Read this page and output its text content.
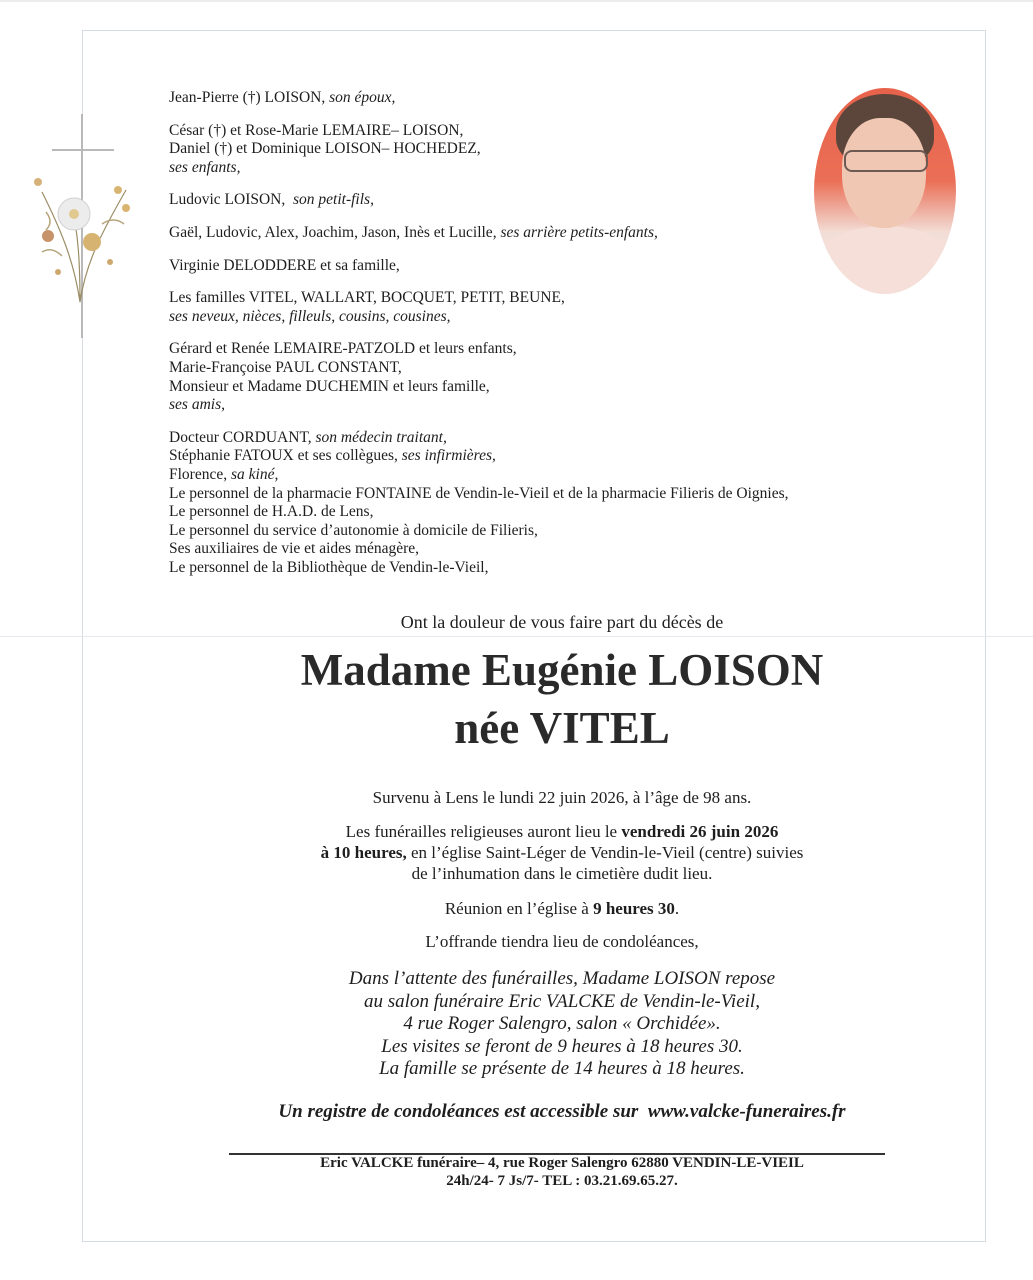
Jean-Pierre (†) LOISON, son époux,
César (†) et Rose-Marie LEMAIRE– LOISON,
Daniel (†) et Dominique LOISON– HOCHEDEZ,
ses enfants,
Ludovic LOISON, son petit-fils,
Gaël, Ludovic, Alex, Joachim, Jason, Inès et Lucille, ses arrière petits-enfants,
Virginie DELODDERE et sa famille,
Les familles VITEL, WALLART, BOCQUET, PETIT, BEUNE,
ses neveux, nièces, filleuls, cousins, cousines,
Gérard et Renée LEMAIRE-PATZOLD et leurs enfants,
Marie-Françoise PAUL CONSTANT,
Monsieur et Madame DUCHEMIN et leurs famille,
ses amis,
Docteur CORDUANT, son médecin traitant,
Stéphanie FATOUX et ses collègues, ses infirmières,
Florence, sa kiné,
Le personnel de la pharmacie FONTAINE de Vendin-le-Vieil et de la pharmacie Filieris de Oignies,
Le personnel de H.A.D. de Lens,
Le personnel du service d’autonomie à domicile de Filieris,
Ses auxiliaires de vie et aides ménagère,
Le personnel de la Bibliothèque de Vendin-le-Vieil,
Ont la douleur de vous faire part du décès de
Madame Eugénie LOISON
née VITEL
Survenu à Lens le lundi 22 juin 2026, à l’âge de 98 ans.
Les funérailles religieuses auront lieu le vendredi 26 juin 2026
à 10 heures, en l’église Saint-Léger de Vendin-le-Vieil (centre) suivies
de l’inhumation dans le cimetière dudit lieu.
Réunion en l’église à 9 heures 30.
L’offrande tiendra lieu de condoléances,
Dans l’attente des funérailles, Madame LOISON repose
au salon funéraire Eric VALCKE de Vendin-le-Vieil,
4 rue Roger Salengro, salon « Orchidée».
Les visites se feront de 9 heures à 18 heures 30.
La famille se présente de 14 heures à 18 heures.
Un registre de condoléances est accessible sur  www.valcke-funeraires.fr
Eric VALCKE funéraire– 4, rue Roger Salengro 62880 VENDIN-LE-VIEIL
24h/24- 7 Js/7- TEL : 03.21.69.65.27.
